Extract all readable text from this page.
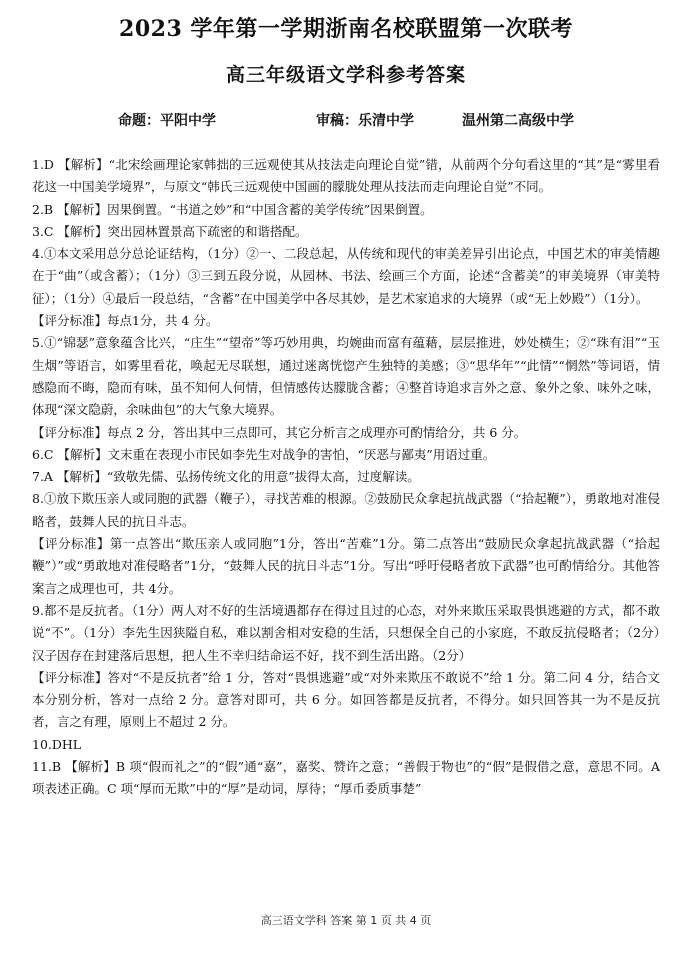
2023 学年第一学期浙南名校联盟第一次联考
高三年级语文学科参考答案
命题：平阳中学	审稿：乐清中学	温州第二高级中学

1.D 【解析】“北宋绘画理论家韩拙的三远观使其从技法走向理论自觉”错，从前两个分句看这里的“其”是“雾里看花这一中国美学境界”，与原文“韩氏三远观使中国画的朦胧处理从技法而走向理论自觉”不同。

2.B 【解析】因果倒置。“书道之妙”和“中国含蓄的美学传统”因果倒置。

3.C 【解析】突出园林置景高下疏密的和谐搭配。

4.①本文采用总分总论证结构，（1分）②一、二段总起，从传统和现代的审美差异引出论点，中国艺术的审美情趣在于“曲”（或含蓄）；（1分）③三到五段分说，从园林、书法、绘画三个方面，论述“含蓄美”的审美境界（审美特征）；（1分）④最后一段总结，“含蓄”在中国美学中各尽其妙，是艺术家追求的大境界（或“无上妙殿”）（1分）。

【评分标准】每点1分，共 4 分。

5.①“锦瑟”意象蕴含比兴，“庄生”“望帝”等巧妙用典，均婉曲而富有蕴藉，层层推进，妙处横生；②“珠有泪”“玉生烟”等语言，如雾里看花，唤起无尽联想，通过迷离恍惚产生独特的美感；③“思华年”“此情”“惘然”等词语，情感隐而不晦，隐而有味，虽不知何人何情，但情感传达朦胧含蓄；④整首诗追求言外之意、象外之象、味外之味，体现“深文隐蔚，余味曲包”的大气象大境界。

【评分标准】每点 2 分，答出其中三点即可，其它分析言之成理亦可酌情给分，共 6 分。

6.C 【解析】文末重在表现小市民如李先生对战争的害怕，“厌恶与鄙夷”用语过重。

7.A 【解析】“致敬先儒、弘扬传统文化的用意”拔得太高，过度解读。

8.①放下欺压亲人或同胞的武器（鞭子），寻找苦难的根源。②鼓励民众拿起抗战武器（“拾起鞭”），勇敢地对准侵略者，鼓舞人民的抗日斗志。

【评分标准】第一点答出“欺压亲人或同胞”1分，答出“苦难”1分。第二点答出“鼓励民众拿起抗战武器（“拾起鞭”）”或“勇敢地对准侵略者”1分，“鼓舞人民的抗日斗志”1分。写出“呼吁侵略者放下武器”也可酌情给分。其他答案言之成理也可，共 4分。

9.都不是反抗者。（1分）两人对不好的生活境遇都存在得过且过的心态，对外来欺压采取畏惧逃避的方式，都不敢说“不”。（1分）李先生因狭隘自私，难以割舍相对安稳的生活，只想保全自己的小家庭，不敢反抗侵略者；（2分）汉子因存在封建落后思想，把人生不幸归结命运不好，找不到生活出路。（2分）

【评分标准】答对“不是反抗者”给 1 分，答对“畏惧逃避”或“对外来欺压不敢说不”给 1 分。第二问 4 分，结合文本分别分析，答对一点给 2 分。意答对即可，共 6 分。如回答都是反抗者，不得分。如只回答其一为不是反抗者，言之有理，原则上不超过 2 分。

10.DHL

11.B 【解析】B 项“假而礼之”的“假”通“嘉”，嘉奖、赞许之意；“善假于物也”的“假”是假借之意，意思不同。A 项表述正确。C 项“厚而无欺”中的“厚”是动词，厚待；“厚币委质事楚”

高三语文学科 答案 第 1 页 共 4 页
